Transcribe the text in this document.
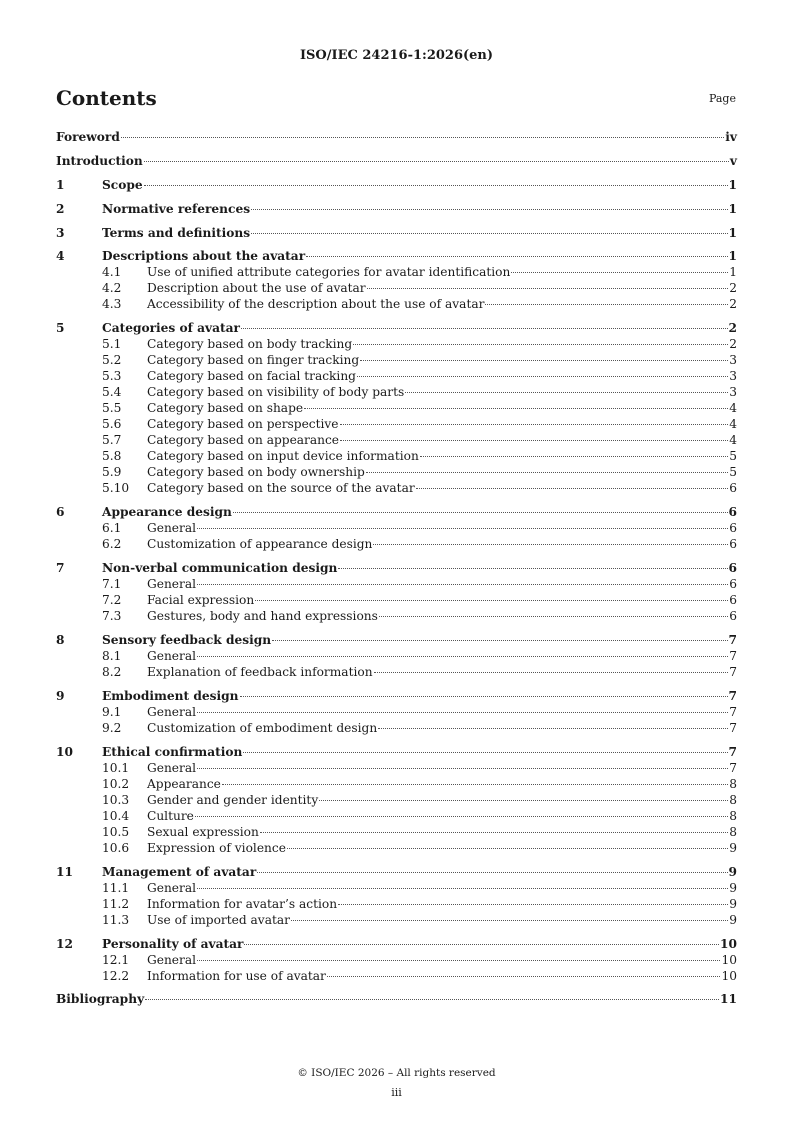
ISO/IEC 24216-1:2026(en)
Contents	Page
Foreword	iv
Introduction	v
1	Scope	1
2	Normative references	1
3	Terms and definitions	1
4	Descriptions about the avatar	1
4.1	Use of unified attribute categories for avatar identification	1
4.2	Description about the use of avatar	2
4.3	Accessibility of the description about the use of avatar	2
5	Categories of avatar	2
5.1	Category based on body tracking	2
5.2	Category based on finger tracking	3
5.3	Category based on facial tracking	3
5.4	Category based on visibility of body parts	3
5.5	Category based on shape	4
5.6	Category based on perspective	4
5.7	Category based on appearance	4
5.8	Category based on input device information	5
5.9	Category based on body ownership	5
5.10	Category based on the source of the avatar	6
6	Appearance design	6
6.1	General	6
6.2	Customization of appearance design	6
7	Non-verbal communication design	6
7.1	General	6
7.2	Facial expression	6
7.3	Gestures, body and hand expressions	6
8	Sensory feedback design	7
8.1	General	7
8.2	Explanation of feedback information	7
9	Embodiment design	7
9.1	General	7
9.2	Customization of embodiment design	7
10	Ethical confirmation	7
10.1	General	7
10.2	Appearance	8
10.3	Gender and gender identity	8
10.4	Culture	8
10.5	Sexual expression	8
10.6	Expression of violence	9
11	Management of avatar	9
11.1	General	9
11.2	Information for avatar’s action	9
11.3	Use of imported avatar	9
12	Personality of avatar	10
12.1	General	10
12.2	Information for use of avatar	10
Bibliography	11
© ISO/IEC 2026 – All rights reserved
iii
